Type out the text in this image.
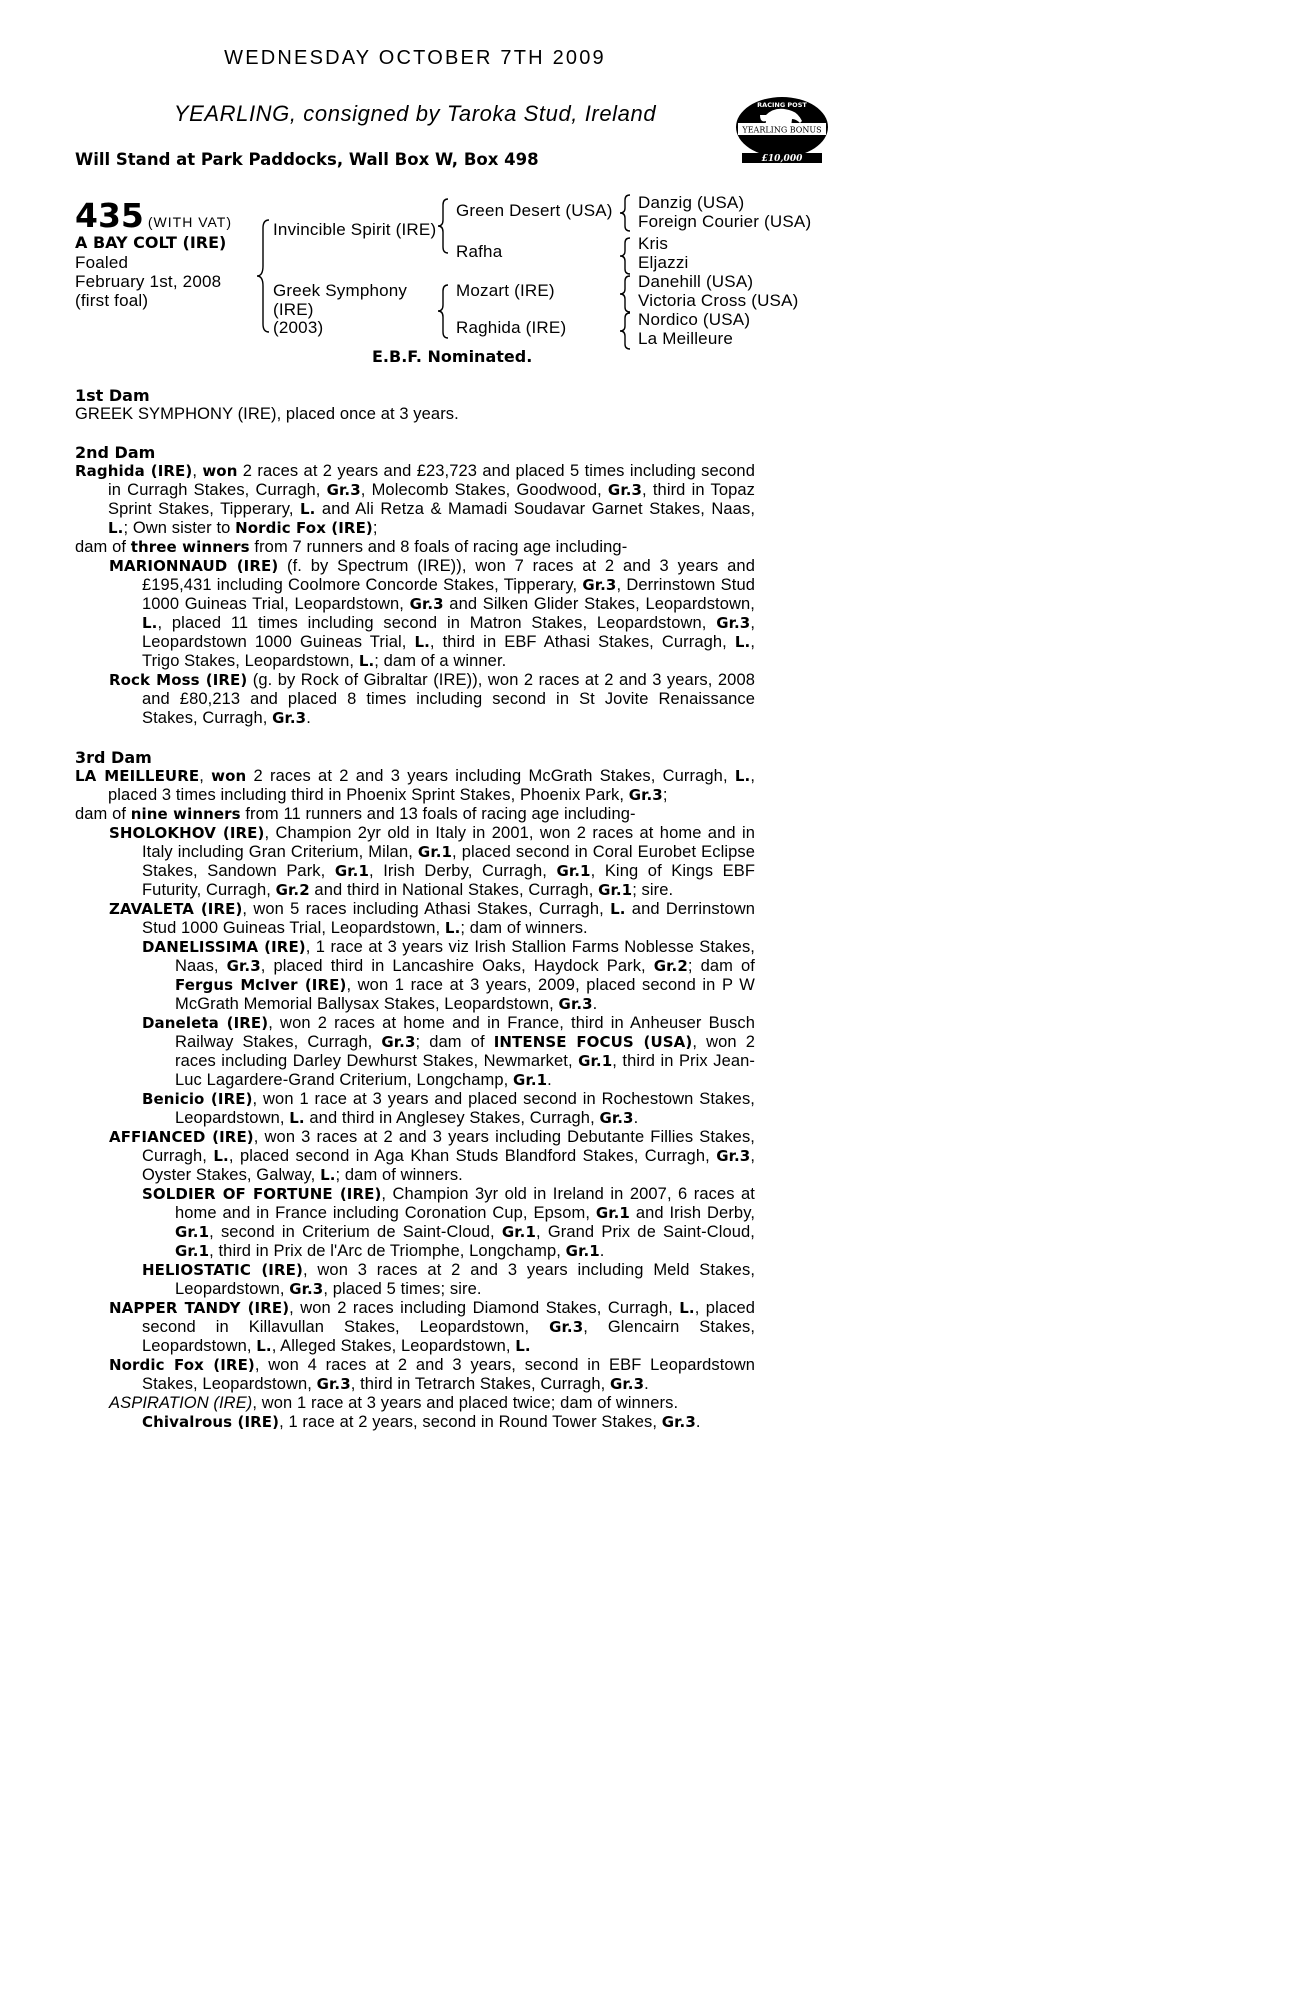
WEDNESDAY OCTOBER 7TH 2009
YEARLING, consigned by Taroka Stud, Ireland
Will Stand at Park Paddocks, Wall Box W, Box 498
RACING POST
YEARLING BONUS
£10,000
435 (WITH VAT)
A BAY COLT (IRE)
Foaled
February 1st, 2008
(first foal)
Invincible Spirit (IRE)
Greek Symphony
(IRE)
(2003)
Green Desert (USA)
Rafha
Mozart (IRE)
Raghida (IRE)
Danzig (USA)
Foreign Courier (USA)
Kris
Eljazzi
Danehill (USA)
Victoria Cross (USA)
Nordico (USA)
La Meilleure
E.B.F. Nominated.
1st Dam
GREEK SYMPHONY (IRE), placed once at 3 years.
2nd Dam
Raghida (IRE), won 2 races at 2 years and £23,723 and placed 5 times including second in Curragh Stakes, Curragh, Gr.3, Molecomb Stakes, Goodwood, Gr.3, third in Topaz Sprint Stakes, Tipperary, L. and Ali Retza & Mamadi Soudavar Garnet Stakes, Naas, L.; Own sister to Nordic Fox (IRE);
dam of three winners from 7 runners and 8 foals of racing age including-
MARIONNAUD (IRE) (f. by Spectrum (IRE)), won 7 races at 2 and 3 years and £195,431 including Coolmore Concorde Stakes, Tipperary, Gr.3, Derrinstown Stud 1000 Guineas Trial, Leopardstown, Gr.3 and Silken Glider Stakes, Leopardstown, L., placed 11 times including second in Matron Stakes, Leopardstown, Gr.3, Leopardstown 1000 Guineas Trial, L., third in EBF Athasi Stakes, Curragh, L., Trigo Stakes, Leopardstown, L.; dam of a winner.
Rock Moss (IRE) (g. by Rock of Gibraltar (IRE)), won 2 races at 2 and 3 years, 2008 and £80,213 and placed 8 times including second in St Jovite Renaissance Stakes, Curragh, Gr.3.
3rd Dam
LA MEILLEURE, won 2 races at 2 and 3 years including McGrath Stakes, Curragh, L., placed 3 times including third in Phoenix Sprint Stakes, Phoenix Park, Gr.3;
dam of nine winners from 11 runners and 13 foals of racing age including-
SHOLOKHOV (IRE), Champion 2yr old in Italy in 2001, won 2 races at home and in Italy including Gran Criterium, Milan, Gr.1, placed second in Coral Eurobet Eclipse Stakes, Sandown Park, Gr.1, Irish Derby, Curragh, Gr.1, King of Kings EBF Futurity, Curragh, Gr.2 and third in National Stakes, Curragh, Gr.1; sire.
ZAVALETA (IRE), won 5 races including Athasi Stakes, Curragh, L. and Derrinstown Stud 1000 Guineas Trial, Leopardstown, L.; dam of winners.
DANELISSIMA (IRE), 1 race at 3 years viz Irish Stallion Farms Noblesse Stakes, Naas, Gr.3, placed third in Lancashire Oaks, Haydock Park, Gr.2; dam of Fergus McIver (IRE), won 1 race at 3 years, 2009, placed second in P W McGrath Memorial Ballysax Stakes, Leopardstown, Gr.3.
Daneleta (IRE), won 2 races at home and in France, third in Anheuser Busch Railway Stakes, Curragh, Gr.3; dam of INTENSE FOCUS (USA), won 2 races including Darley Dewhurst Stakes, Newmarket, Gr.1, third in Prix Jean-Luc Lagardere-Grand Criterium, Longchamp, Gr.1.
Benicio (IRE), won 1 race at 3 years and placed second in Rochestown Stakes, Leopardstown, L. and third in Anglesey Stakes, Curragh, Gr.3.
AFFIANCED (IRE), won 3 races at 2 and 3 years including Debutante Fillies Stakes, Curragh, L., placed second in Aga Khan Studs Blandford Stakes, Curragh, Gr.3, Oyster Stakes, Galway, L.; dam of winners.
SOLDIER OF FORTUNE (IRE), Champion 3yr old in Ireland in 2007, 6 races at home and in France including Coronation Cup, Epsom, Gr.1 and Irish Derby, Gr.1, second in Criterium de Saint-Cloud, Gr.1, Grand Prix de Saint-Cloud, Gr.1, third in Prix de l'Arc de Triomphe, Longchamp, Gr.1.
HELIOSTATIC (IRE), won 3 races at 2 and 3 years including Meld Stakes, Leopardstown, Gr.3, placed 5 times; sire.
NAPPER TANDY (IRE), won 2 races including Diamond Stakes, Curragh, L., placed second in Killavullan Stakes, Leopardstown, Gr.3, Glencairn Stakes, Leopardstown, L., Alleged Stakes, Leopardstown, L.
Nordic Fox (IRE), won 4 races at 2 and 3 years, second in EBF Leopardstown Stakes, Leopardstown, Gr.3, third in Tetrarch Stakes, Curragh, Gr.3.
ASPIRATION (IRE), won 1 race at 3 years and placed twice; dam of winners.
Chivalrous (IRE), 1 race at 2 years, second in Round Tower Stakes, Gr.3.
